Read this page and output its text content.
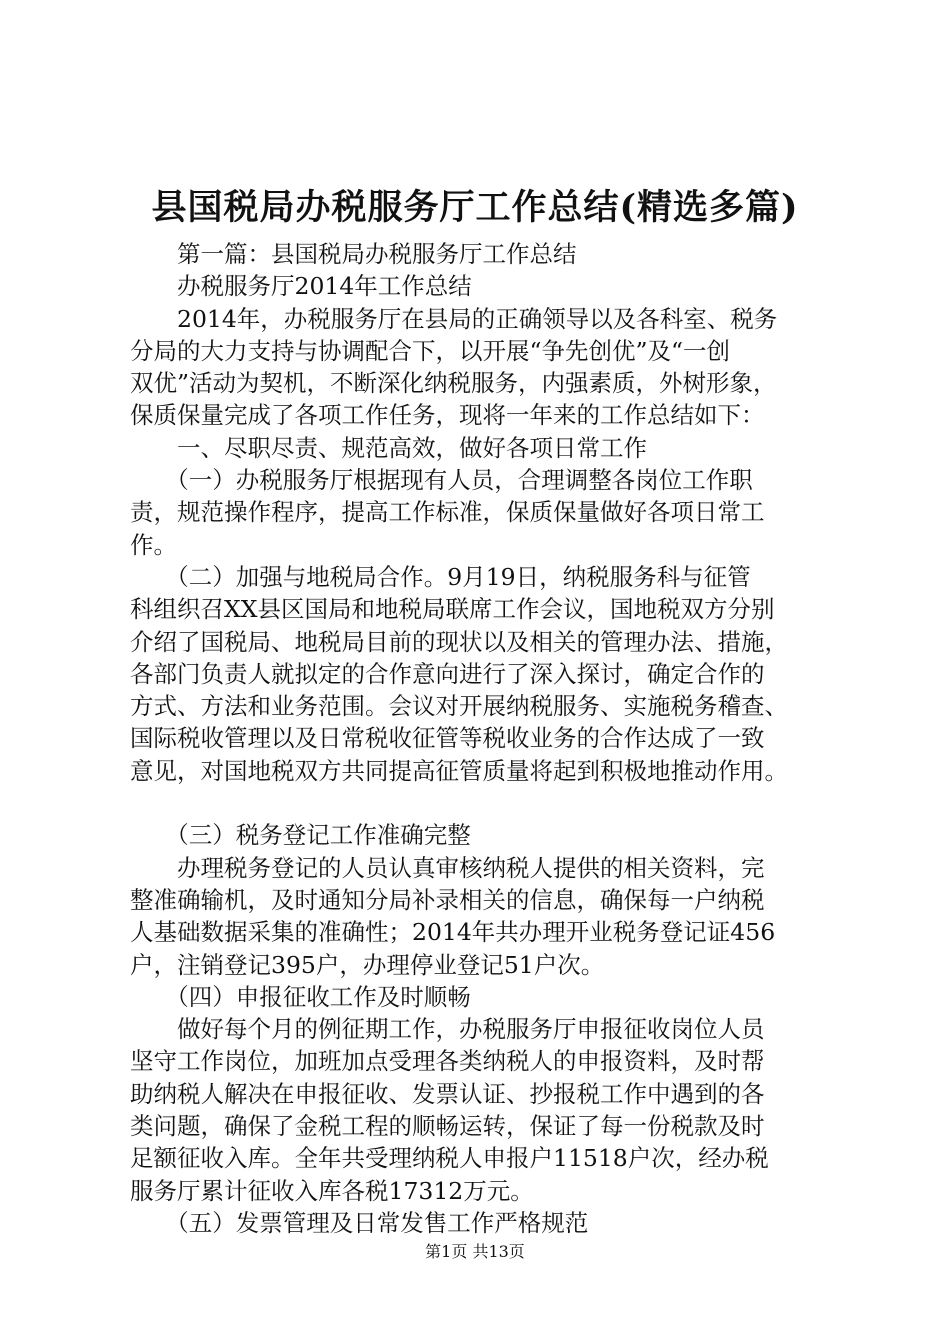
县国税局办税服务厅工作总结(精选多篇)
　　第一篇：县国税局办税服务厅工作总结
　　办税服务厅2014年工作总结
　　2014年，办税服务厅在县局的正确领导以及各科室、税务
分局的大力支持与协调配合下，以开展“争先创优”及“一创
双优”活动为契机，不断深化纳税服务，内强素质，外树形象，
保质保量完成了各项工作任务，现将一年来的工作总结如下：
　　一、尽职尽责、规范高效，做好各项日常工作
　　（一）办税服务厅根据现有人员，合理调整各岗位工作职
责，规范操作程序，提高工作标准，保质保量做好各项日常工
作。
　　（二）加强与地税局合作。9月19日，纳税服务科与征管
科组织召XX县区国局和地税局联席工作会议，国地税双方分别
介绍了国税局、地税局目前的现状以及相关的管理办法、措施，
各部门负责人就拟定的合作意向进行了深入探讨，确定合作的
方式、方法和业务范围。会议对开展纳税服务、实施税务稽查、
国际税收管理以及日常税收征管等税收业务的合作达成了一致
意见，对国地税双方共同提高征管质量将起到积极地推动作用。
　　（三）税务登记工作准确完整
　　办理税务登记的人员认真审核纳税人提供的相关资料，完
整准确输机，及时通知分局补录相关的信息，确保每一户纳税
人基础数据采集的准确性；2014年共办理开业税务登记证456
户，注销登记395户，办理停业登记51户次。
　　（四）申报征收工作及时顺畅
　　做好每个月的例征期工作，办税服务厅申报征收岗位人员
坚守工作岗位，加班加点受理各类纳税人的申报资料，及时帮
助纳税人解决在申报征收、发票认证、抄报税工作中遇到的各
类问题，确保了金税工程的顺畅运转，保证了每一份税款及时
足额征收入库。全年共受理纳税人申报户11518户次，经办税
服务厅累计征收入库各税17312万元。
　　（五）发票管理及日常发售工作严格规范
第1页 共13页
